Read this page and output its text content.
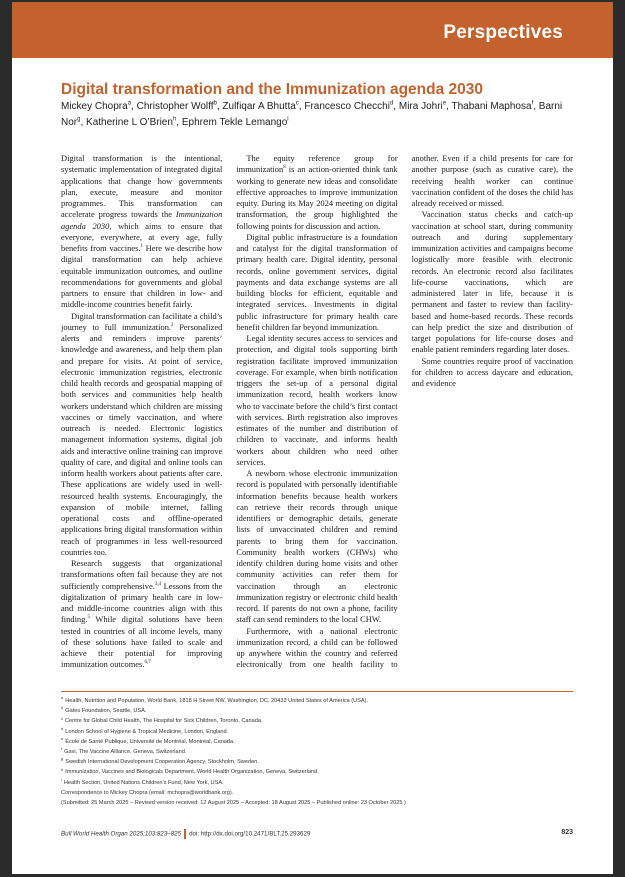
Perspectives
Digital transformation and the Immunization agenda 2030
Mickey Chopra$^a$, Christopher Wolff$^b$, Zulfiqar A Bhutta$^c$, Francesco Checchi$^d$, Mira Johri$^e$, Thabani Maphosa$^f$, Barni Nor$^g$, Katherine L O’Brien$^h$, Ephrem Tekle Lemango$^i$

Digital transformation is the intentional, systematic implementation of integrated digital applications that change how governments plan, execute, measure and monitor programmes. This transformation can accelerate progress towards the Immunization agenda 2030, which aims to ensure that everyone, everywhere, at every age, fully benefits from vaccines.$^1$ Here we describe how digital transformation can help achieve equitable immunization outcomes, and outline recommendations for governments and global partners to ensure that children in low- and middle-income countries benefit fairly.

Digital transformation can facilitate a child’s journey to full immunization.$^2$ Personalized alerts and reminders improve parents’ knowledge and awareness, and help them plan and prepare for visits. At point of service, electronic immunization registries, electronic child health records and geospatial mapping of both services and communities help health workers understand which children are missing vaccines or timely vaccination, and where outreach is needed. Electronic logistics management information systems, digital job aids and interactive online training can improve quality of care, and digital and online tools can inform health workers about patients after care. These applications are widely used in well-resourced health systems. Encouragingly, the expansion of mobile internet, falling operational costs and offline-operated applications bring digital transformation within reach of programmes in less well-resourced countries too.

Research suggests that organizational transformations often fail because they are not sufficiently comprehensive.$^{3,4}$ Lessons from the digitalization of primary health care in low- and middle-income countries align with this finding.$^5$ While digital solutions have been tested in countries of all income levels, many of these solutions have failed to scale and achieve their potential for improving immunization outcomes.$^{6,7}$

The equity reference group for immunization$^8$ is an action-oriented think tank working to generate new ideas and consolidate effective approaches to improve immunization equity. During its May 2024 meeting on digital transformation, the group highlighted the following points for discussion and action.

Digital public infrastructure is a foundation and catalyst for the digital transformation of primary health care. Digital identity, personal records, online government services, digital payments and data exchange systems are all building blocks for efficient, equitable and integrated services. Investments in digital public infrastructure for primary health care benefit children far beyond immunization.

Legal identity secures access to services and protection, and digital tools supporting birth registration facilitate improved immunization coverage. For example, when birth notification triggers the set-up of a personal digital immunization record, health workers know who to vaccinate before the child’s first contact with services. Birth registration also improves estimates of the number and distribution of children to vaccinate, and informs health workers about children who need other services.

A newborn whose electronic immunization record is populated with personally identifiable information benefits because health workers can retrieve their records through unique identifiers or demographic details, generate lists of unvaccinated children and remind parents to bring them for vaccination. Community health workers (CHWs) who identify children during home visits and other community activities can refer them for vaccination through an electronic immunization registry or electronic child health record. If parents do not own a phone, facility staff can send reminders to the local CHW.

Furthermore, with a national electronic immunization record, a child can be followed up anywhere within the country and referred electronically from one health facility to another. Even if a child presents for care for another purpose (such as curative care), the receiving health worker can continue vaccination confident of the doses the child has already received or missed.

Vaccination status checks and catch-up vaccination at school start, during community outreach and during supplementary immunization activities and campaigns become logistically more feasible with electronic records. An electronic record also facilitates life-course vaccinations, which are administered later in life, because it is permanent and faster to review than facility-based and home-based records. These records can help predict the size and distribution of target populations for life-course doses and enable patient reminders regarding later doses.

Some countries require proof of vaccination for children to access daycare and education, and evidence

$^a$Health, Nutrition and Population, World Bank, 1818 H Street NW, Washington, DC, 20433 United States of America (USA).
$^b$Gates Foundation, Seattle, USA.
$^c$Centre for Global Child Health, The Hospital for Sick Children, Toronto, Canada.
$^d$London School of Hygiene & Tropical Medicine, London, England.
$^e$École de Santé Publique, Université de Montréal, Montréal, Canada.
$^f$Gavi, The Vaccine Alliance, Geneva, Switzerland.
$^g$Swedish International Development Cooperation Agency, Stockholm, Sweden.
$^h$Immunization, Vaccines and Biologicals Department, World Health Organization, Geneva, Switzerland.
$^i$Health Section, United Nations Children’s Fund, New York, USA.
Correspondence to Mickey Chopra (email: mchopra@worldbank.org).
(Submitted: 25 March 2025 – Revised version received: 12 August 2025 – Accepted: 18 August 2025 – Published online: 23 October 2025 )
Bull World Health Organ 2025;103:823–825 doi: http://dx.doi.org/10.2471/BLT.25.293629	823
